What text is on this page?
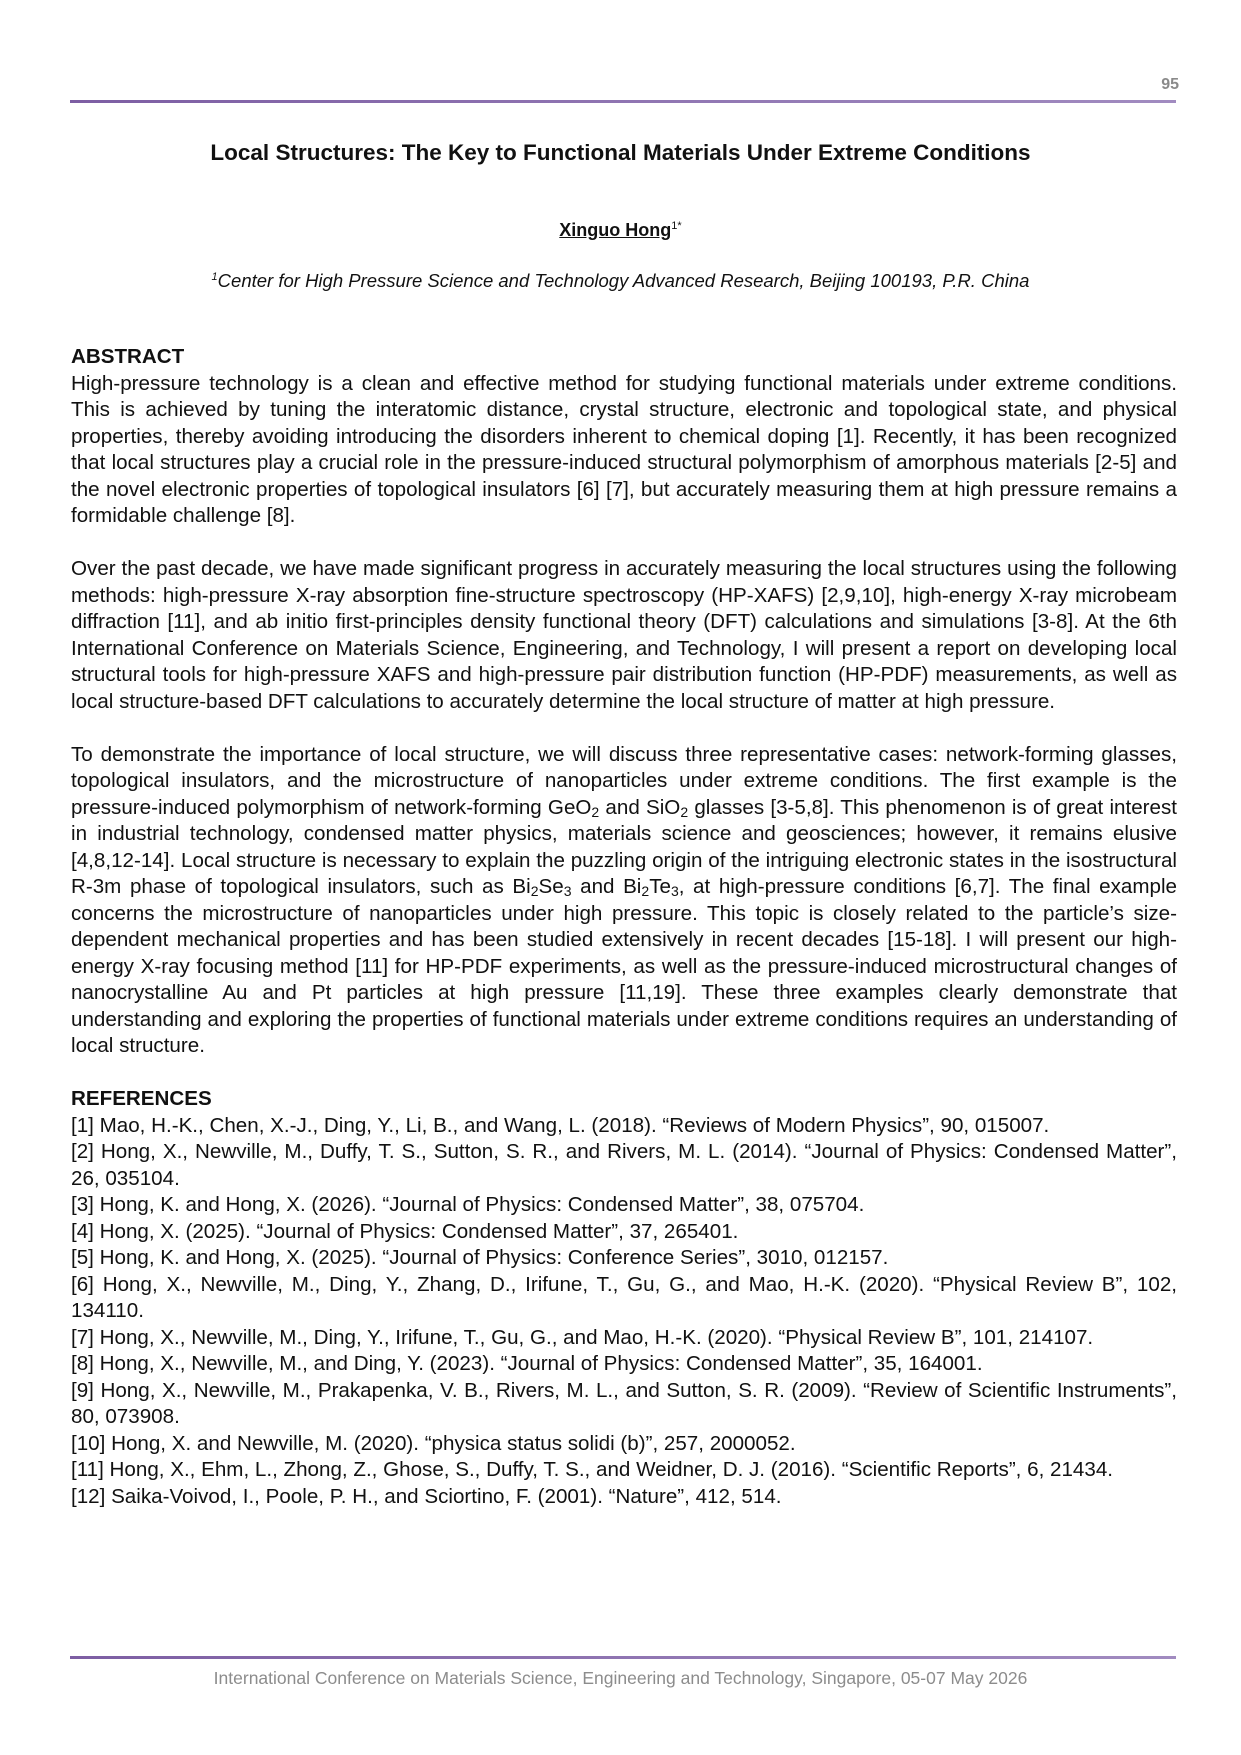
95
Local Structures: The Key to Functional Materials Under Extreme Conditions
Xinguo Hong$^{1*}$
$^1$Center for High Pressure Science and Technology Advanced Research, Beijing 100193, P.R. China

ABSTRACT

High-pressure technology is a clean and effective method for studying functional materials under extreme conditions. This is achieved by tuning the interatomic distance, crystal structure, electronic and topological state, and physical properties, thereby avoiding introducing the disorders inherent to chemical doping [1]. Recently, it has been recognized that local structures play a crucial role in the pressure-induced structural polymorphism of amorphous materials [2-5] and the novel electronic properties of topological insulators [6] [7], but accurately measuring them at high pressure remains a formidable challenge [8].

Over the past decade, we have made significant progress in accurately measuring the local structures using the following methods: high-pressure X-ray absorption fine-structure spectroscopy (HP-XAFS) [2,9,10], high-energy X-ray microbeam diffraction [11], and ab initio first-principles density functional theory (DFT) calculations and simulations [3-8]. At the 6th International Conference on Materials Science, Engineering, and Technology, I will present a report on developing local structural tools for high-pressure XAFS and high-pressure pair distribution function (HP-PDF) measurements, as well as local structure-based DFT calculations to accurately determine the local structure of matter at high pressure.

To demonstrate the importance of local structure, we will discuss three representative cases: network-forming glasses, topological insulators, and the microstructure of nanoparticles under extreme conditions. The first example is the pressure-induced polymorphism of network-forming GeO$_2$ and SiO$_2$ glasses [3-5,8]. This phenomenon is of great interest in industrial technology, condensed matter physics, materials science and geosciences; however, it remains elusive [4,8,12-14]. Local structure is necessary to explain the puzzling origin of the intriguing electronic states in the isostructural R-3m phase of topological insulators, such as $Bi_2Se_3$ and $Bi_2Te_3$, at high-pressure conditions [6,7]. The final example concerns the microstructure of nanoparticles under high pressure. This topic is closely related to the particle’s size-dependent mechanical properties and has been studied extensively in recent decades [15-18]. I will present our high-energy X-ray focusing method [11] for HP-PDF experiments, as well as the pressure-induced microstructural changes of nanocrystalline Au and Pt particles at high pressure [11,19]. These three examples clearly demonstrate that understanding and exploring the properties of functional materials under extreme conditions requires an understanding of local structure.

REFERENCES

[1] Mao, H.-K., Chen, X.-J., Ding, Y., Li, B., and Wang, L. (2018). “Reviews of Modern Physics”, 90, 015007.
[2] Hong, X., Newville, M., Duffy, T. S., Sutton, S. R., and Rivers, M. L. (2014). “Journal of Physics: Condensed Matter”, 26, 035104.
[3] Hong, K. and Hong, X. (2026). “Journal of Physics: Condensed Matter”, 38, 075704.
[4] Hong, X. (2025). “Journal of Physics: Condensed Matter”, 37, 265401.
[5] Hong, K. and Hong, X. (2025). “Journal of Physics: Conference Series”, 3010, 012157.
[6] Hong, X., Newville, M., Ding, Y., Zhang, D., Irifune, T., Gu, G., and Mao, H.-K. (2020). “Physical Review B”, 102, 134110.
[7] Hong, X., Newville, M., Ding, Y., Irifune, T., Gu, G., and Mao, H.-K. (2020). “Physical Review B”, 101, 214107.
[8] Hong, X., Newville, M., and Ding, Y. (2023). “Journal of Physics: Condensed Matter”, 35, 164001.
[9] Hong, X., Newville, M., Prakapenka, V. B., Rivers, M. L., and Sutton, S. R. (2009). “Review of Scientific Instruments”, 80, 073908.
[10] Hong, X. and Newville, M. (2020). “physica status solidi (b)”, 257, 2000052.
[11] Hong, X., Ehm, L., Zhong, Z., Ghose, S., Duffy, T. S., and Weidner, D. J. (2016). “Scientific Reports”, 6, 21434.
[12] Saika-Voivod, I., Poole, P. H., and Sciortino, F. (2001). “Nature”, 412, 514.
International Conference on Materials Science, Engineering and Technology, Singapore, 05-07 May 2026
